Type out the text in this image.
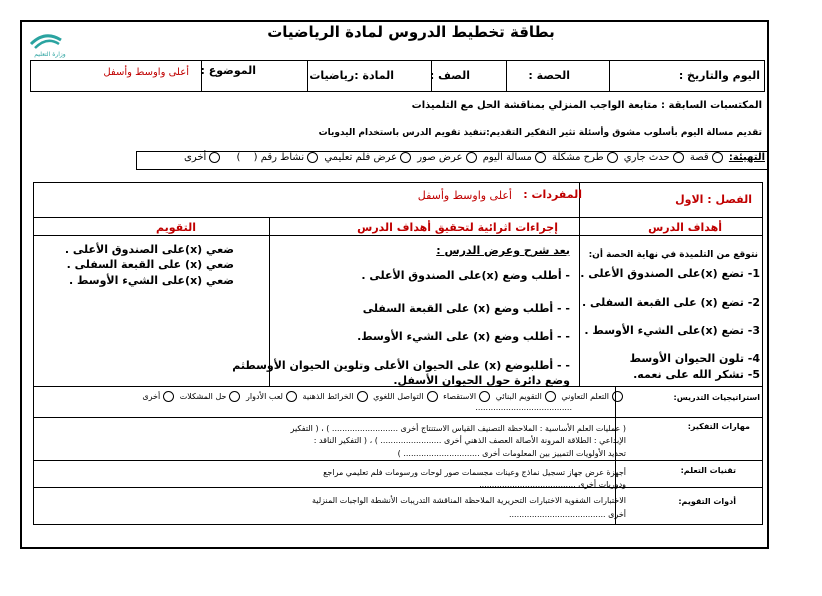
وزارة التعليم
بطاقة تخطيط الدروس لمادة الرياضيات
اليوم والتاريخ :
الحصة :
الصف :
المادة :رياضيات
الموضوع :
أعلى واوسط وأسفل
المكتسبات السابقة : متابعة الواجب المنزلي بمناقشة الحل مع التلميذات
تقديم مسالة اليوم بأسلوب مشوق وأسئلة تثير التفكير التقديم:تنفيذ تقويم الدرس باستخدام اليدويات
التهيئة: قصة حدث جاري طرح مشكلة مسالة اليوم عرض صور عرض فلم تعليمي نشاط رقم ( ) أخرى
الفصل : الاول
المفردات :
أعلى واوسط وأسفل
أهداف الدرس
إجراءات اثرائية لتحقيق أهداف الدرس
التقويم
نتوقع من التلميذة في نهاية الحصة أن:
1- تضع (x)على الصندوق الأعلى .
2- تضع (x) على القبعة السفلى .
3- تضع (x)على الشيء الأوسط .
4- تلون الحيوان الأوسط
5- تشكر الله على نعمه.
بعد شرح وعرض الدرس :
- أطلب وضع (x)على الصندوق الأعلى .
- - أطلب وضع (x) على القبعة السفلى
- - أطلب وضع (x) على الشيء الأوسط.
- - أطلبوضع (x) على الحيوان الأعلى وتلوين الحيوان الأوسطثم
وضع دائرة حول الحيوان الأسفل.
ضعي (x)على الصندوق الأعلى .
ضعي (x) على القبعة السفلى .
ضعي (x)على الشيء الأوسط .
استراتيجيات التدريس:
التعلم التعاوني التقويم البنائي الاستقصاء التواصل اللغوي الخرائط الذهنية لعب الأدوار حل المشكلات أخرى
......................................
مهارات التفكير:
( عمليات العلم الأساسية : الملاحظة التصنيف القياس الاستنتاج أخرى .......................... ) ، ( التفكير
الإبداعي : الطلاقة المرونة الأصالة العصف الذهني أخرى ........................ ) ، ( التفكير الناقد :
تحديد الأولويات التمييز بين المعلومات أخرى .............................. )
تقنيات التعلم:
أجهزة عرض جهاز تسجيل نماذج وعينات مجسمات صور لوحات ورسومات فلم تعليمي مراجع
ودوريات أخرى ......................................
أدوات التقويم:
الاختبارات الشفوية الاختبارات التحريرية الملاحظة المناقشة التدريبات الأنشطة الواجبات المنزلية
أخرى ......................................
